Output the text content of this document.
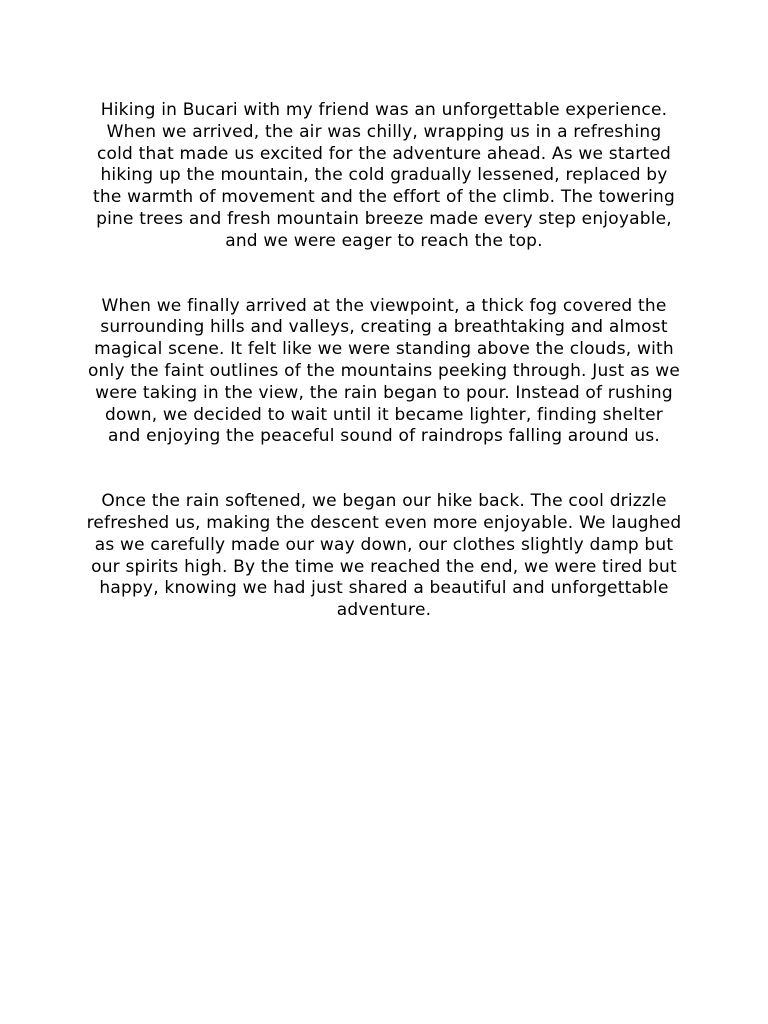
Hiking in Bucari with my friend was an unforgettable experience. When we arrived, the air was chilly, wrapping us in a refreshing cold that made us excited for the adventure ahead. As we started hiking up the mountain, the cold gradually lessened, replaced by the warmth of movement and the effort of the climb. The towering pine trees and fresh mountain breeze made every step enjoyable, and we were eager to reach the top.

When we finally arrived at the viewpoint, a thick fog covered the surrounding hills and valleys, creating a breathtaking and almost magical scene. It felt like we were standing above the clouds, with only the faint outlines of the mountains peeking through. Just as we were taking in the view, the rain began to pour. Instead of rushing down, we decided to wait until it became lighter, finding shelter and enjoying the peaceful sound of raindrops falling around us.

Once the rain softened, we began our hike back. The cool drizzle refreshed us, making the descent even more enjoyable. We laughed as we carefully made our way down, our clothes slightly damp but our spirits high. By the time we reached the end, we were tired but happy, knowing we had just shared a beautiful and unforgettable adventure.
